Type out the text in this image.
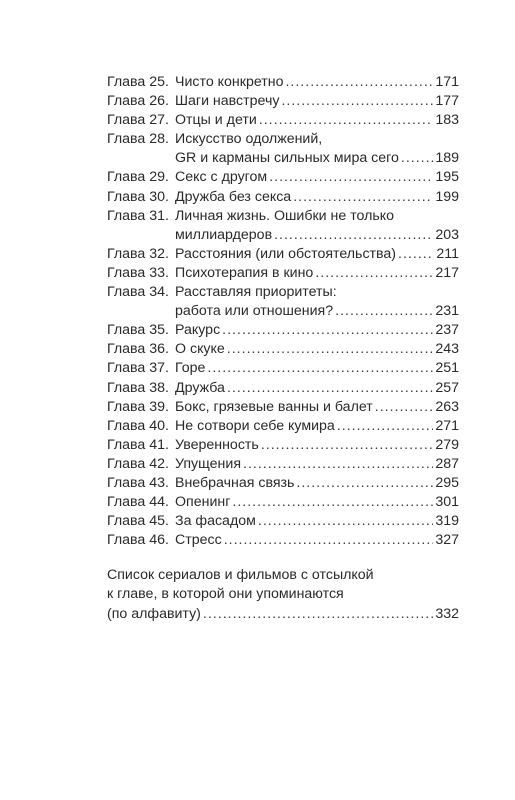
Глава 25. Чисто конкретно .....	171
Глава 26. Шаги навстречу .....	177
Глава 27. Отцы и дети .....	183
Глава 28. Искусство одолжений,
GR и карманы сильных мира сего .....	189
Глава 29. Секс с другом .....	195
Глава 30. Дружба без секса .....	199
Глава 31. Личная жизнь. Ошибки не только
миллиардеров .....	203
Глава 32. Расстояния (или обстоятельства) .....	211
Глава 33. Психотерапия в кино .....	217
Глава 34. Расставляя приоритеты:
работа или отношения? .....	231
Глава 35. Ракурс .....	237
Глава 36. О скуке .....	243
Глава 37. Горе .....	251
Глава 38. Дружба .....	257
Глава 39. Бокс, грязевые ванны и балет .....	263
Глава 40. Не сотвори себе кумира .....	271
Глава 41. Уверенность .....	279
Глава 42. Упущения .....	287
Глава 43. Внебрачная связь .....	295
Глава 44. Опенинг .....	301
Глава 45. За фасадом .....	319
Глава 46. Стресс .....	327
Список сериалов и фильмов с отсылкой
к главе, в которой они упоминаются
(по алфавиту) .....	332
